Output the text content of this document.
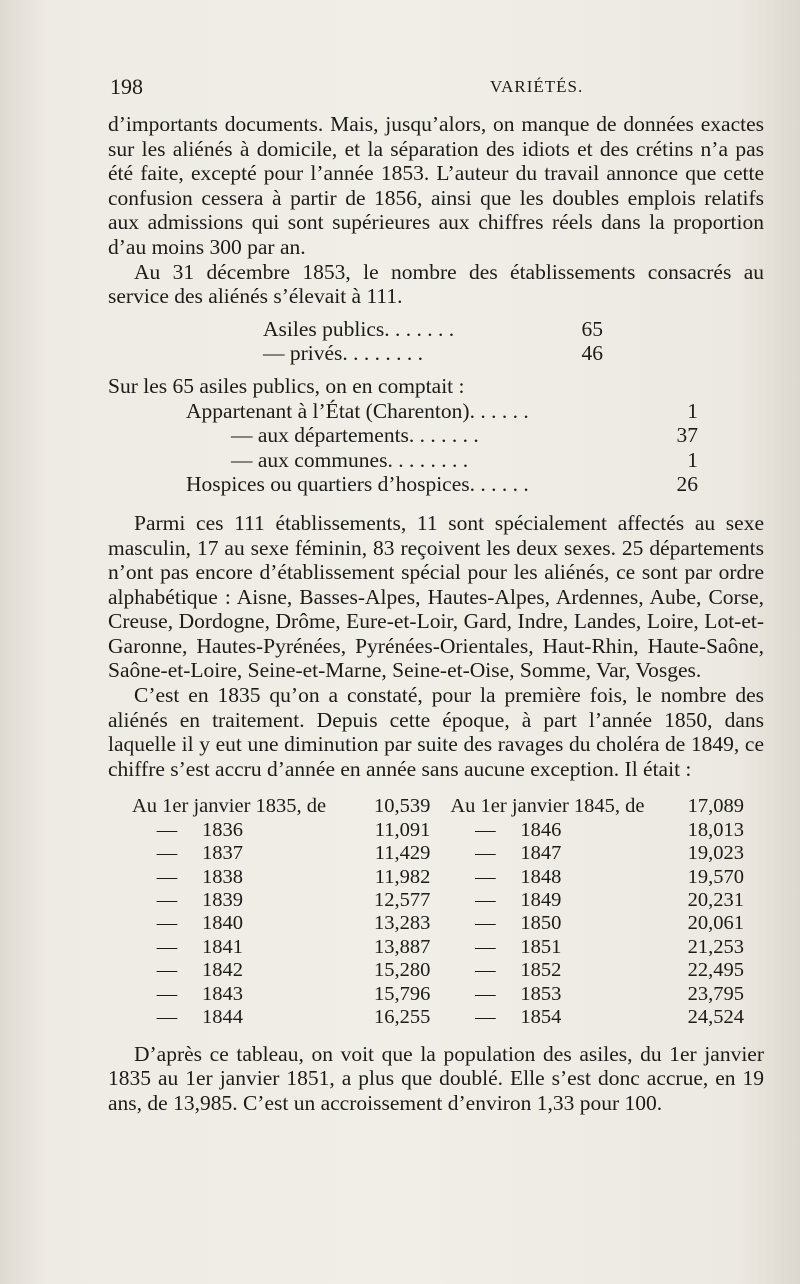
198	VARIÉTÉS.

d’importants documents. Mais, jusqu’alors, on manque de données exactes sur les aliénés à domicile, et la séparation des idiots et des crétins n’a pas été faite, excepté pour l’année 1853. L’auteur du travail annonce que cette confusion cessera à partir de 1856, ainsi que les doubles emplois relatifs aux admissions qui sont supérieures aux chiffres réels dans la proportion d’au moins 300 par an.

Au 31 décembre 1853, le nombre des établissements consacrés au service des aliénés s’élevait à 111.

Asiles publics. . . . . . .	65
— privés. . . . . . . .	46

Sur les 65 asiles publics, on en comptait :

Appartenant à l’État (Charenton). . . . . .	1
— aux départements. . . . . . .	37
— aux communes. . . . . . . .	1
Hospices ou quartiers d’hospices. . . . . .	26

Parmi ces 111 établissements, 11 sont spécialement affectés au sexe masculin, 17 au sexe féminin, 83 reçoivent les deux sexes. 25 départements n’ont pas encore d’établissement spécial pour les aliénés, ce sont par ordre alphabétique : Aisne, Basses-Alpes, Hautes-Alpes, Ardennes, Aube, Corse, Creuse, Dordogne, Drôme, Eure-et-Loir, Gard, Indre, Landes, Loire, Lot-et-Garonne, Hautes-Pyrénées, Pyrénées-Orientales, Haut-Rhin, Haute-Saône, Saône-et-Loire, Seine-et-Marne, Seine-et-Oise, Somme, Var, Vosges.

C’est en 1835 qu’on a constaté, pour la première fois, le nombre des aliénés en traitement. Depuis cette époque, à part l’année 1850, dans laquelle il y eut une diminution par suite des ravages du choléra de 1849, ce chiffre s’est accru d’année en année sans aucune exception. Il était :

Au 1er janvier 1835, de		10,539	Au 1er janvier 1845, de		17,089
—	1836	11,091	—	1846	18,013
—	1837	11,429	—	1847	19,023
—	1838	11,982	—	1848	19,570
—	1839	12,577	—	1849	20,231
—	1840	13,283	—	1850	20,061
—	1841	13,887	—	1851	21,253
—	1842	15,280	—	1852	22,495
—	1843	15,796	—	1853	23,795
—	1844	16,255	—	1854	24,524

D’après ce tableau, on voit que la population des asiles, du 1er janvier 1835 au 1er janvier 1851, a plus que doublé. Elle s’est donc accrue, en 19 ans, de 13,985. C’est un accroissement d’environ 1,33 pour 100.
